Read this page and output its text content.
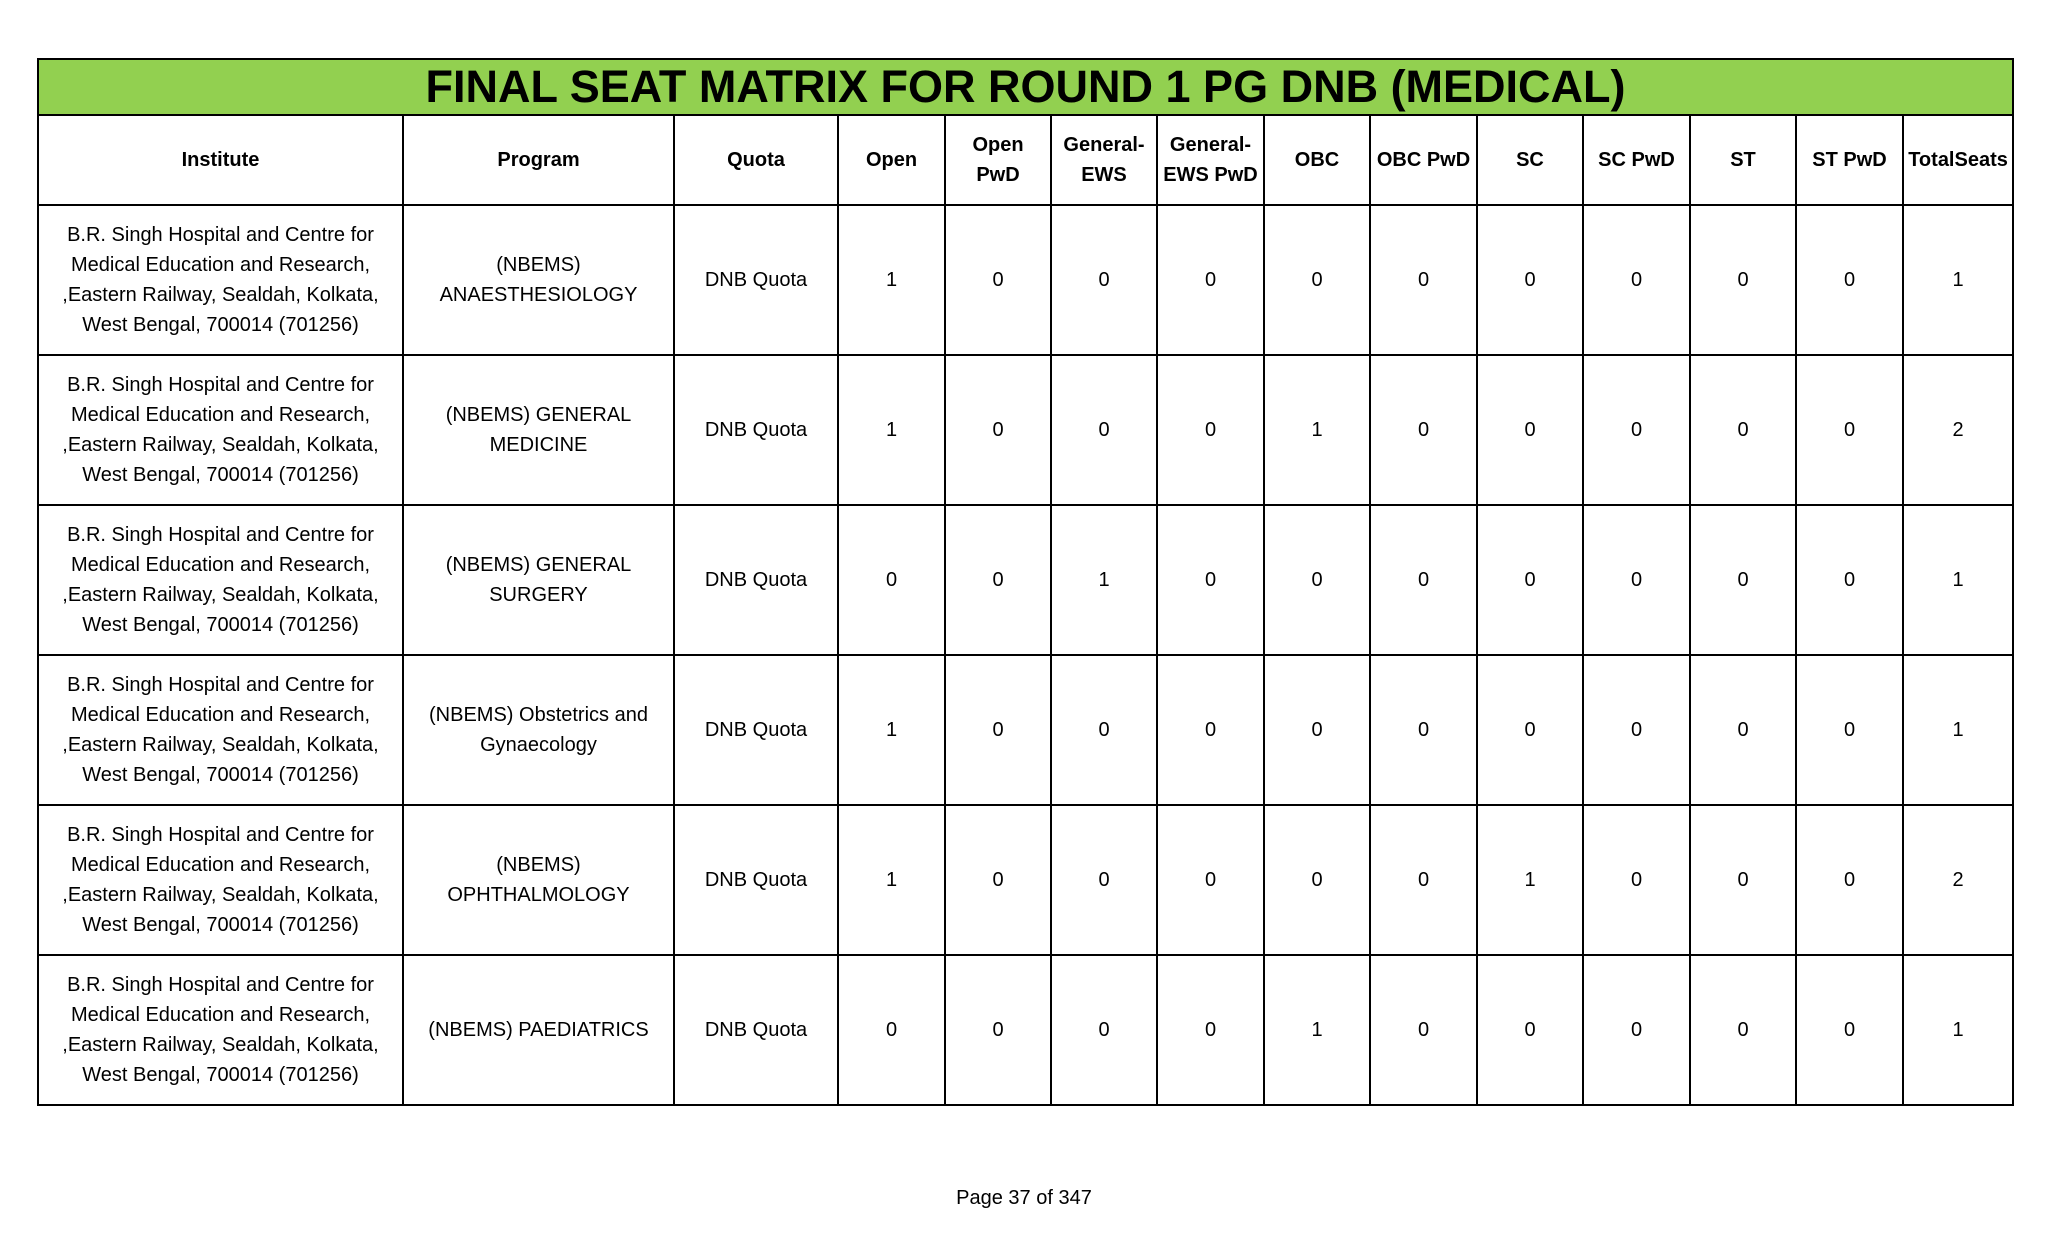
FINAL SEAT MATRIX FOR ROUND 1 PG DNB (MEDICAL)													
Institute	Program	Quota	Open	Open PwD	General-EWS	General-EWS PwD	OBC	OBC PwD	SC	SC PwD	ST	ST PwD	TotalSeats
B.R. Singh Hospital and Centre for Medical Education and Research, ,Eastern Railway, Sealdah, Kolkata, West Bengal, 700014 (701256)	(NBEMS) ANAESTHESIOLOGY	DNB Quota	1	0	0	0	0	0	0	0	0	0	1
B.R. Singh Hospital and Centre for Medical Education and Research, ,Eastern Railway, Sealdah, Kolkata, West Bengal, 700014 (701256)	(NBEMS) GENERAL MEDICINE	DNB Quota	1	0	0	0	1	0	0	0	0	0	2
B.R. Singh Hospital and Centre for Medical Education and Research, ,Eastern Railway, Sealdah, Kolkata, West Bengal, 700014 (701256)	(NBEMS) GENERAL SURGERY	DNB Quota	0	0	1	0	0	0	0	0	0	0	1
B.R. Singh Hospital and Centre for Medical Education and Research, ,Eastern Railway, Sealdah, Kolkata, West Bengal, 700014 (701256)	(NBEMS) Obstetrics and Gynaecology	DNB Quota	1	0	0	0	0	0	0	0	0	0	1
B.R. Singh Hospital and Centre for Medical Education and Research, ,Eastern Railway, Sealdah, Kolkata, West Bengal, 700014 (701256)	(NBEMS) OPHTHALMOLOGY	DNB Quota	1	0	0	0	0	0	1	0	0	0	2
B.R. Singh Hospital and Centre for Medical Education and Research, ,Eastern Railway, Sealdah, Kolkata, West Bengal, 700014 (701256)	(NBEMS) PAEDIATRICS	DNB Quota	0	0	0	0	1	0	0	0	0	0	1
Page 37 of 347
